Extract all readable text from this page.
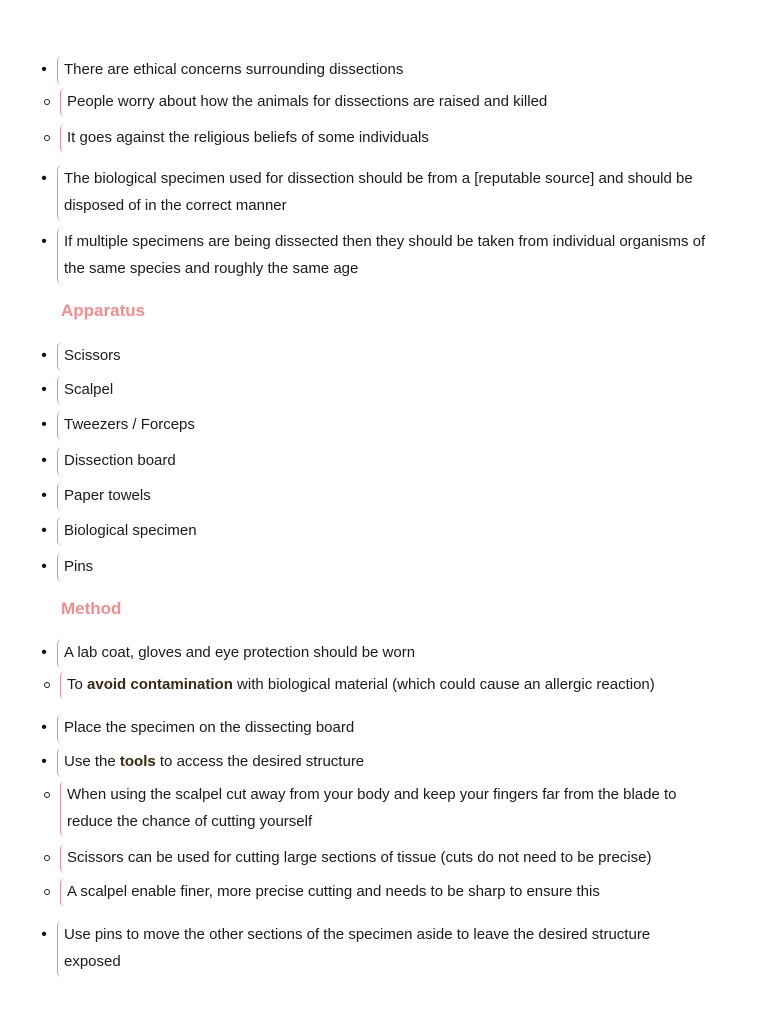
Apparatus
Method
•
There are ethical concerns surrounding dissections
People worry about how the animals for dissections are raised and killed
It goes against the religious beliefs of some individuals
•
The biological specimen used for dissection should be from a [reputable source] and should be disposed of in the correct manner
•
If multiple specimens are being dissected then they should be taken from individual organisms of the same species and roughly the same age
•
Scissors
•
Scalpel
•
Tweezers / Forceps
•
Dissection board
•
Paper towels
•
Biological specimen
•
Pins
•
A lab coat, gloves and eye protection should be worn
To avoid contamination with biological material (which could cause an allergic reaction)
•
Place the specimen on the dissecting board
•
Use the tools to access the desired structure
When using the scalpel cut away from your body and keep your fingers far from the blade to reduce the chance of cutting yourself
Scissors can be used for cutting large sections of tissue (cuts do not need to be precise)
A scalpel enable finer, more precise cutting and needs to be sharp to ensure this
•
Use pins to move the other sections of the specimen aside to leave the desired structure exposed
